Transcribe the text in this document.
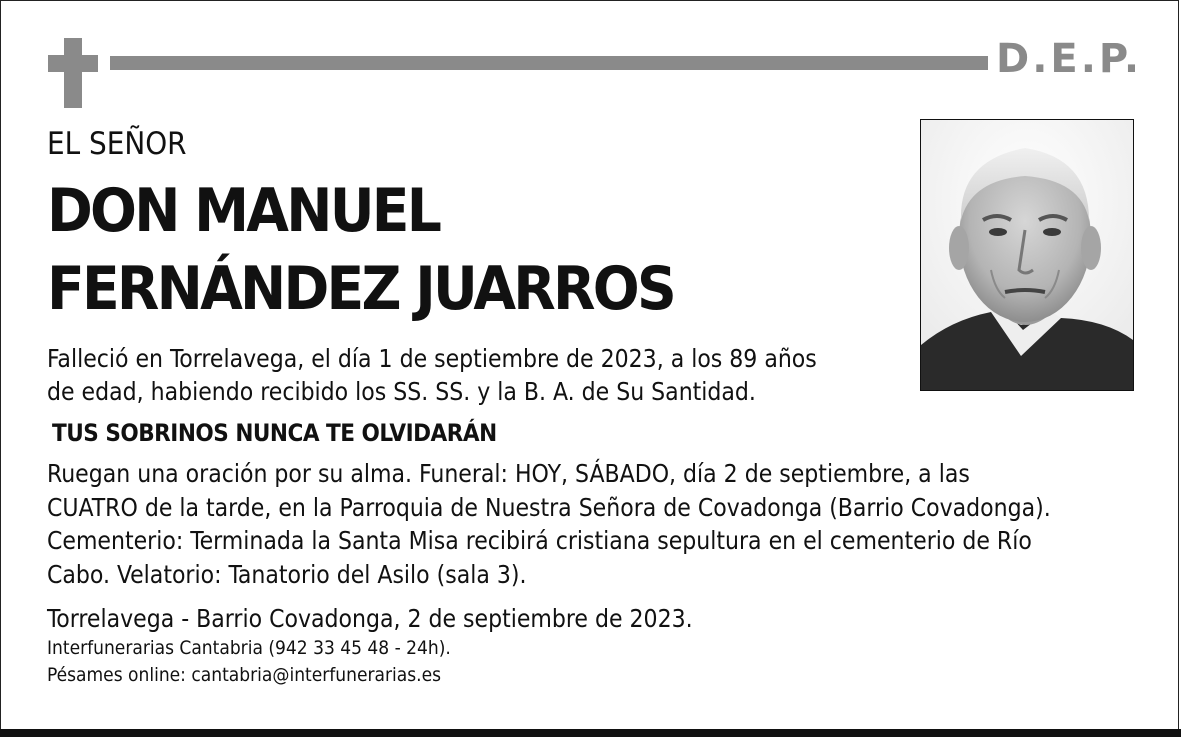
D.E.P.
EL SEÑOR
DON MANUEL
FERNÁNDEZ JUARROS
Falleció en Torrelavega, el día 1 de septiembre de 2023, a los 89 años
de edad, habiendo recibido los SS. SS. y la B. A. de Su Santidad.
TUS SOBRINOS NUNCA TE OLVIDARÁN
Ruegan una oración por su alma. Funeral: HOY, SÁBADO, día 2 de septiembre, a las
CUATRO de la tarde, en la Parroquia de Nuestra Señora de Covadonga (Barrio Covadonga).
Cementerio: Terminada la Santa Misa recibirá cristiana sepultura en el cementerio de Río
Cabo. Velatorio: Tanatorio del Asilo (sala 3).
Torrelavega - Barrio Covadonga, 2 de septiembre de 2023.
Interfunerarias Cantabria (942 33 45 48 - 24h).
Pésames online: cantabria@interfunerarias.es
